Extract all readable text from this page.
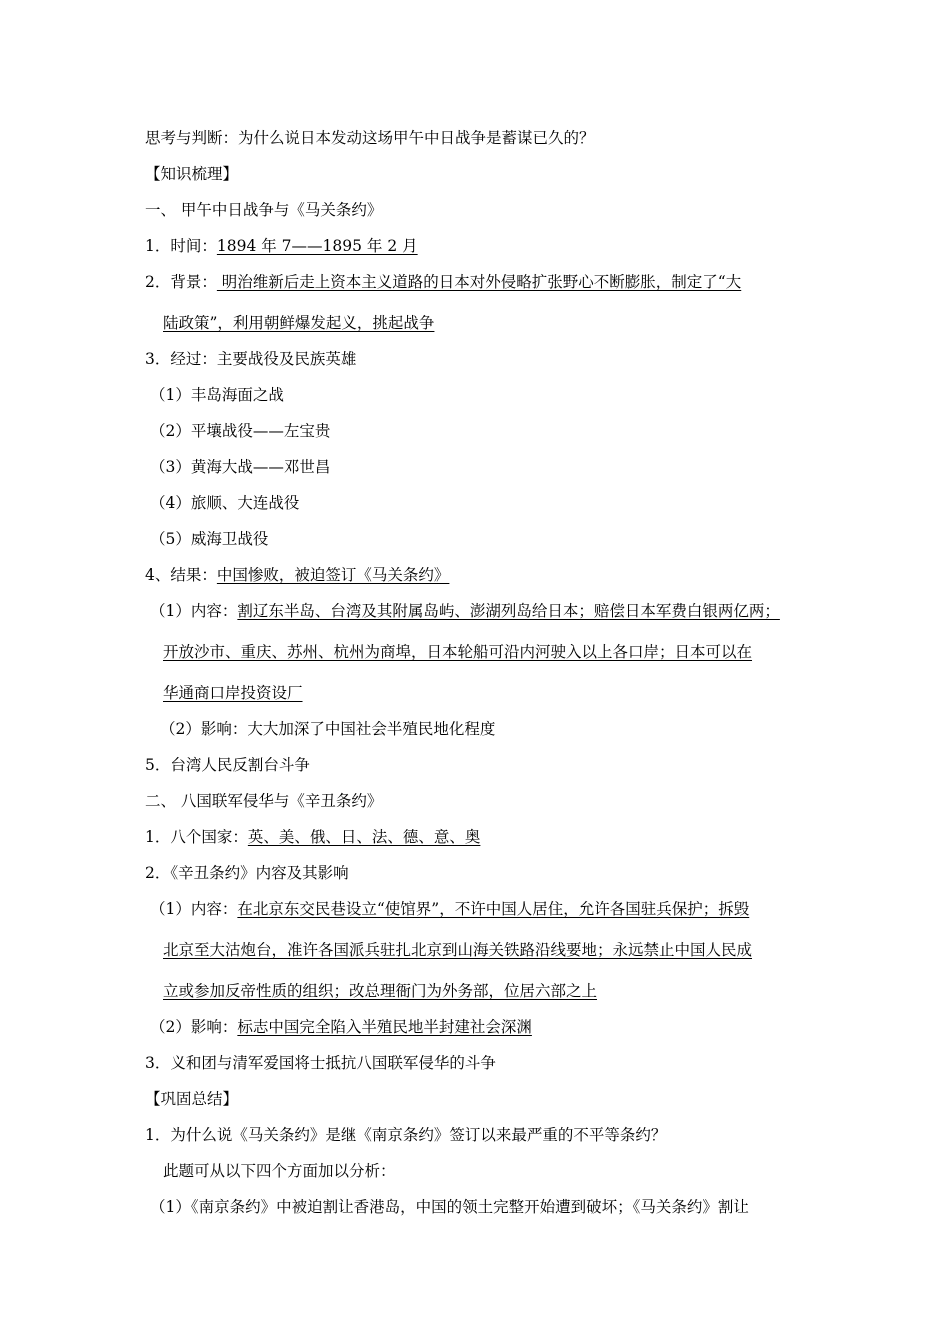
思考与判断：为什么说日本发动这场甲午中日战争是蓄谋已久的？
【知识梳理】
一、 甲午中日战争与《马关条约》
1．时间：1894 年 7——1895 年 2 月
2．背景： 明治维新后走上资本主义道路的日本对外侵略扩张野心不断膨胀，制定了“大
陆政策”，利用朝鲜爆发起义，挑起战争
3．经过：主要战役及民族英雄
（1）丰岛海面之战
（2）平壤战役——左宝贵
（3）黄海大战——邓世昌
（4）旅顺、大连战役
（5）威海卫战役
4、结果：中国惨败，被迫签订《马关条约》
（1）内容：割辽东半岛、台湾及其附属岛屿、澎湖列岛给日本；赔偿日本军费白银两亿两；
开放沙市、重庆、苏州、杭州为商埠，日本轮船可沿内河驶入以上各口岸；日本可以在
华通商口岸投资设厂
（2）影响：大大加深了中国社会半殖民地化程度
5．台湾人民反割台斗争
二、 八国联军侵华与《辛丑条约》
1．八个国家：英、美、俄、日、法、德、意、奥
2．《辛丑条约》内容及其影响
（1）内容：在北京东交民巷设立“使馆界”，不许中国人居住，允许各国驻兵保护；拆毁
北京至大沽炮台，准许各国派兵驻扎北京到山海关铁路沿线要地；永远禁止中国人民成
立或参加反帝性质的组织；改总理衙门为外务部，位居六部之上
（2）影响：标志中国完全陷入半殖民地半封建社会深渊
3．义和团与清军爱国将士抵抗八国联军侵华的斗争
【巩固总结】
1．为什么说《马关条约》是继《南京条约》签订以来最严重的不平等条约？
此题可从以下四个方面加以分析：
（1）《南京条约》中被迫割让香港岛，中国的领土完整开始遭到破坏；《马关条约》割让
